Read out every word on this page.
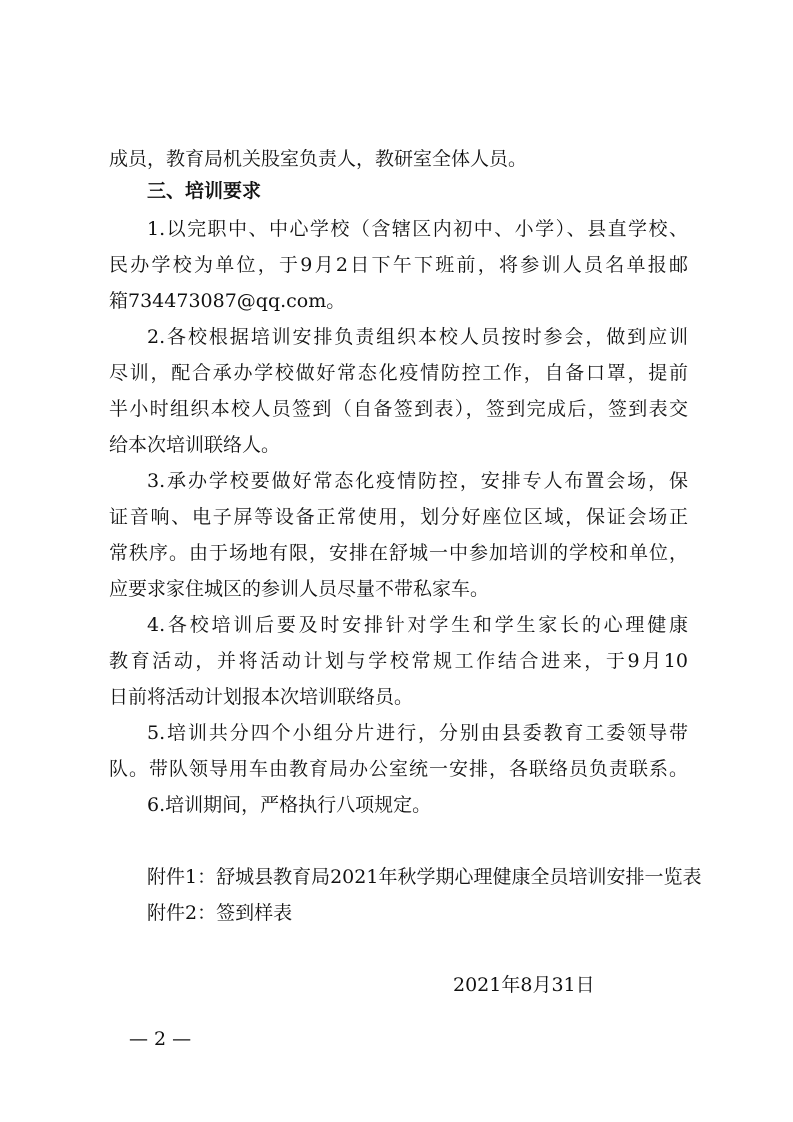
成员，教育局机关股室负责人，教研室全体人员。

三、培训要求

1.以完职中、中心学校（含辖区内初中、小学）、县直学校、

民办学校为单位，于9月2日下午下班前，将参训人员名单报邮

箱734473087@qq.com。

2.各校根据培训安排负责组织本校人员按时参会，做到应训

尽训，配合承办学校做好常态化疫情防控工作，自备口罩，提前

半小时组织本校人员签到（自备签到表），签到完成后，签到表交

给本次培训联络人。

3.承办学校要做好常态化疫情防控，安排专人布置会场，保

证音响、电子屏等设备正常使用，划分好座位区域，保证会场正

常秩序。由于场地有限，安排在舒城一中参加培训的学校和单位，

应要求家住城区的参训人员尽量不带私家车。

4.各校培训后要及时安排针对学生和学生家长的心理健康

教育活动，并将活动计划与学校常规工作结合进来，于9月10

日前将活动计划报本次培训联络员。

5.培训共分四个小组分片进行，分别由县委教育工委领导带

队。带队领导用车由教育局办公室统一安排，各联络员负责联系。

6.培训期间，严格执行八项规定。

附件1：舒城县教育局2021年秋学期心理健康全员培训安排一览表

附件2：签到样表

2021年8月31日

— 2 —
